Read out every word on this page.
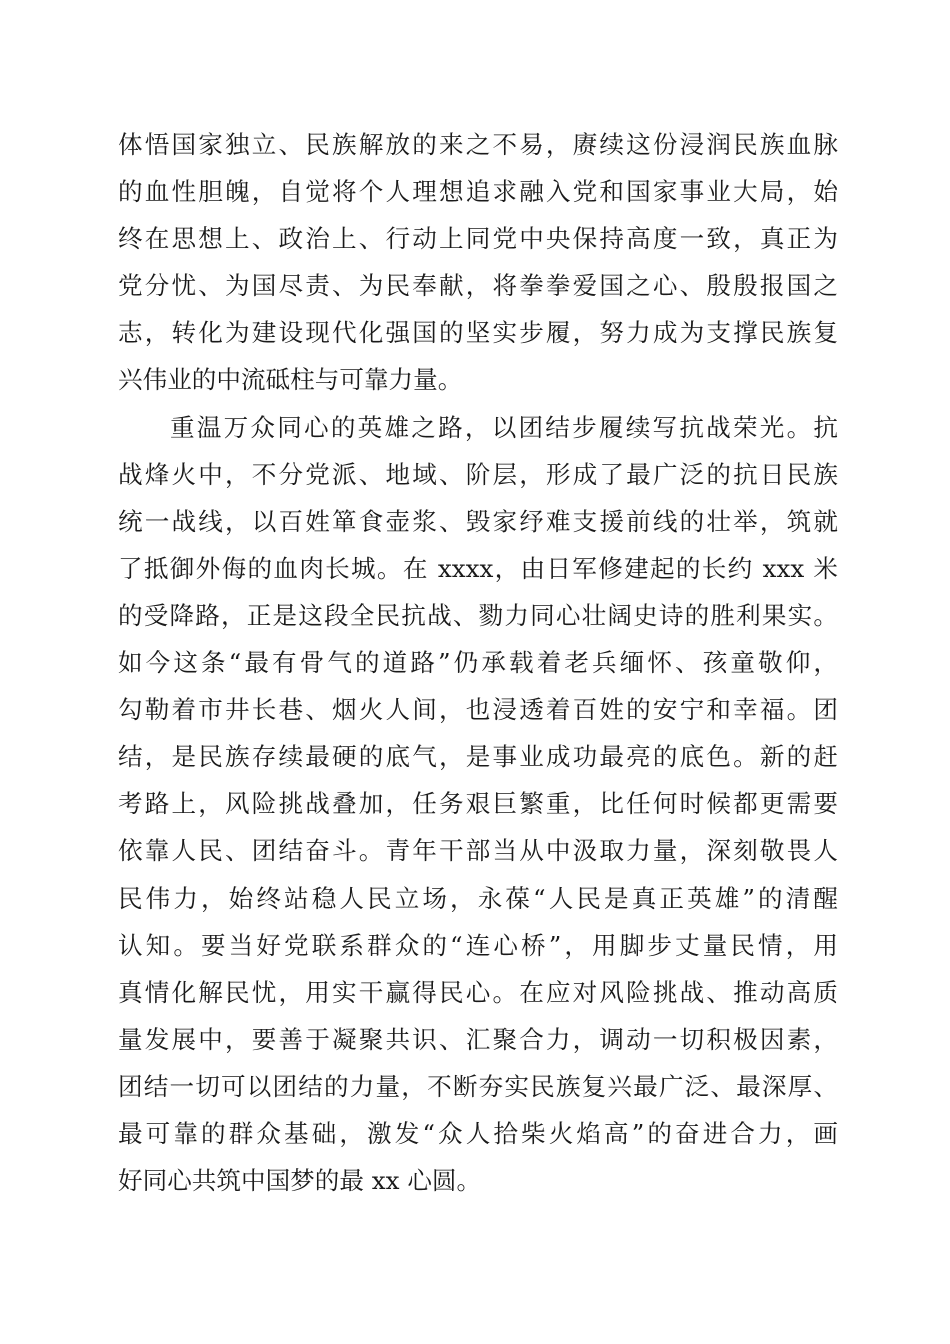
体悟国家独立、民族解放的来之不易，赓续这份浸润民族血脉
的血性胆魄，自觉将个人理想追求融入党和国家事业大局，始
终在思想上、政治上、行动上同党中央保持高度一致，真正为
党分忧、为国尽责、为民奉献，将拳拳爱国之心、殷殷报国之
志，转化为建设现代化强国的坚实步履，努力成为支撑民族复
兴伟业的中流砥柱与可靠力量。
重温万众同心的英雄之路，以团结步履续写抗战荣光。抗
战烽火中，不分党派、地域、阶层，形成了最广泛的抗日民族
统一战线，以百姓箪食壶浆、毁家纾难支援前线的壮举，筑就
了抵御外侮的血肉长城。在 xxxx，由日军修建起的长约 xxx 米
的受降路，正是这段全民抗战、勠力同心壮阔史诗的胜利果实。
如今这条“最有骨气的道路”仍承载着老兵缅怀、孩童敬仰，
勾勒着市井长巷、烟火人间，也浸透着百姓的安宁和幸福。团
结，是民族存续最硬的底气，是事业成功最亮的底色。新的赶
考路上，风险挑战叠加，任务艰巨繁重，比任何时候都更需要
依靠人民、团结奋斗。青年干部当从中汲取力量，深刻敬畏人
民伟力，始终站稳人民立场，永葆“人民是真正英雄”的清醒
认知。要当好党联系群众的“连心桥”，用脚步丈量民情，用
真情化解民忧，用实干赢得民心。在应对风险挑战、推动高质
量发展中，要善于凝聚共识、汇聚合力，调动一切积极因素，
团结一切可以团结的力量，不断夯实民族复兴最广泛、最深厚、
最可靠的群众基础，激发“众人拾柴火焰高”的奋进合力，画
好同心共筑中国梦的最 xx 心圆。
